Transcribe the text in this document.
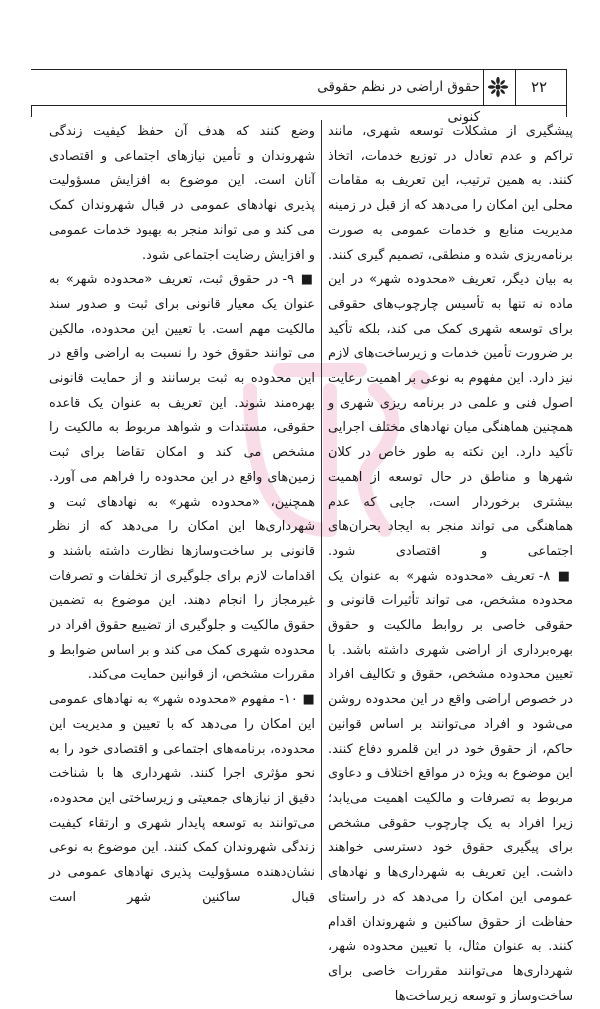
۲۲
حقوق اراضی در نظم حقوقی کنونی

پیشگیری از مشکلات توسعه شهری، مانند تراکم و عدم تعادل در توزیع خدمات، اتخاذ کنند. به همین ترتیب، این تعریف به مقامات محلی این امکان را می‌دهد که از قبل در زمینه مدیریت منابع و خدمات عمومی به صورت برنامه‌ریزی شده و منطقی، تصمیم گیری کنند. به بیان دیگر، تعریف «محدوده شهر» در این ماده نه تنها به تأسیس چارچوب‌های حقوقی برای توسعه شهری کمک می کند، بلکه تأکید بر ضرورت تأمین خدمات و زیرساخت‌های لازم نیز دارد. این مفهوم به نوعی بر اهمیت رعایت اصول فنی و علمی در برنامه ریزی شهری و همچنین هماهنگی میان نهادهای مختلف اجرایی تأکید دارد. این نکته به طور خاص در کلان شهرها و مناطق در حال توسعه از اهمیت بیشتری برخوردار است، جایی که عدم هماهنگی می تواند منجر به ایجاد بحران‌های اجتماعی و اقتصادی شود.

■ ۸- تعریف «محدوده شهر» به عنوان یک محدوده مشخص، می تواند تأثیرات قانونی و حقوقی خاصی بر روابط مالکیت و حقوق بهره‌برداری از اراضی شهری داشته باشد. با تعیین محدوده مشخص، حقوق و تکالیف افراد در خصوص اراضی واقع در این محدوده روشن می‌شود و افراد می‌توانند بر اساس قوانین حاکم، از حقوق خود در این قلمرو دفاع کنند. این موضوع به ویژه در مواقع اختلاف و دعاوی مربوط به تصرفات و مالکیت اهمیت می‌یابد؛ زیرا افراد به یک چارچوب حقوقی مشخص برای پیگیری حقوق خود دسترسی خواهند داشت. این تعریف به شهرداری‌ها و نهادهای عمومی این امکان را می‌دهد که در راستای حفاظت از حقوق ساکنین و شهروندان اقدام کنند. به عنوان مثال، با تعیین محدوده شهر، شهرداری‌ها می‌توانند مقررات خاصی برای ساخت‌وساز و توسعه زیرساخت‌ها

وضع کنند که هدف آن حفظ کیفیت زندگی شهروندان و تأمین نیازهای اجتماعی و اقتصادی آنان است. این موضوع به افزایش مسؤولیت پذیری نهادهای عمومی در قبال شهروندان کمک می کند و می تواند منجر به بهبود خدمات عمومی و افزایش رضایت اجتماعی شود.

■ ۹- در حقوق ثبت، تعریف «محدوده شهر» به عنوان یک معیار قانونی برای ثبت و صدور سند مالکیت مهم است. با تعیین این محدوده، مالکین می توانند حقوق خود را نسبت به اراضی واقع در این محدوده به ثبت برسانند و از حمایت قانونی بهره‌مند شوند. این تعریف به عنوان یک قاعده حقوقی، مستندات و شواهد مربوط به مالکیت را مشخص می کند و امکان تقاضا برای ثبت زمین‌های واقع در این محدوده را فراهم می آورد. همچنین، «محدوده شهر» به نهادهای ثبت و شهرداری‌ها این امکان را می‌دهد که از نظر قانونی بر ساخت‌وسازها نظارت داشته باشند و اقدامات لازم برای جلوگیری از تخلفات و تصرفات غیرمجاز را انجام دهند. این موضوع به تضمین حقوق مالکیت و جلوگیری از تضییع حقوق افراد در محدوده شهری کمک می کند و بر اساس ضوابط و مقررات مشخص، از قوانین حمایت می‌کند.

■ ۱۰- مفهوم «محدوده شهر» به نهادهای عمومی این امکان را می‌دهد که با تعیین و مدیریت این محدوده، برنامه‌های اجتماعی و اقتصادی خود را به نحو مؤثری اجرا کنند. شهرداری ها با شناخت دقیق از نیازهای جمعیتی و زیرساختی این محدوده، می‌توانند به توسعه پایدار شهری و ارتقاء کیفیت زندگی شهروندان کمک کنند. این موضوع به نوعی نشان‌دهنده مسؤولیت پذیری نهادهای عمومی در قبال ساکنین شهر است
